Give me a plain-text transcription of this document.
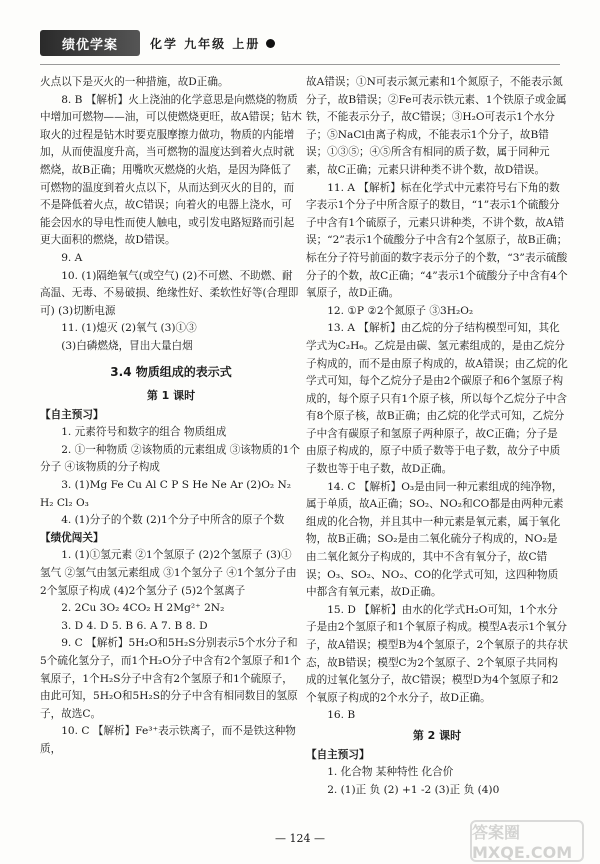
绩优学案	化学 九年级 上册

火点以下是灭火的一种措施，故D正确。

8. B 【解析】火上浇油的化学意思是向燃烧的物质中增加可燃物——油，可以使燃烧更旺，故A错误；钻木取火的过程是钻木时要克服摩擦力做功，物质的内能增加，从而使温度升高，当可燃物的温度达到着火点时就燃烧，故B正确；用嘴吹灭燃烧的火焰，是因为降低了可燃物的温度到着火点以下，从而达到灭火的目的，而不是降低着火点，故C错误；向着火的电器上浇水，可能会因水的导电性而使人触电，或引发电路短路而引起更大面积的燃烧，故D错误。

9. A

10. (1)隔绝氧气(或空气) (2)不可燃、不助燃、耐高温、无毒、不易破损、绝缘性好、柔软性好等(合理即可) (3)切断电源

11. (1)熄灭 (2)氧气 (3)①③

(3)白磷燃烧，冒出大量白烟

3.4 物质组成的表示式
第 1 课时

【自主预习】

1. 元素符号和数字的组合 物质组成

2. ①一种物质 ②该物质的元素组成 ③该物质的1个分子 ④该物质的分子构成

3. (1)Mg Fe Cu Al C P S He Ne Ar (2)O₂ N₂ H₂ Cl₂ O₃

4. (1)分子的个数 (2)1个分子中所含的原子个数

【绩优闯关】

1. (1)①氢元素 ②1个氢原子 (2)2个氢原子 (3)①氢气 ②氢气由氢元素组成 ③1个氢分子 ④1个氢分子由2个氢原子构成 (4)2个氢分子 (5)2个氢离子

2. 2Cu 3O₂ 4CO₂ H 2Mg²⁺ 2N₂

3. D 4. D 5. B 6. A 7. B 8. D

9. C 【解析】5H₂O和5H₂S分别表示5个水分子和5个硫化氢分子，而1个H₂O分子中含有2个氢原子和1个氧原子，1个H₂S分子中含有2个氢原子和1个硫原子，由此可知，5H₂O和5H₂S的分子中含有相同数目的氢原子，故选C。

10. C 【解析】Fe³⁺表示铁离子，而不是铁这种物质，

故A错误；①N可表示氮元素和1个氮原子，不能表示氮分子，故B错误；②Fe可表示铁元素、1个铁原子或金属铁，不能表示分子，故C错误；③H₂O可表示1个水分子；⑤NaCl由离子构成，不能表示1个分子，故B错误；①③⑤；④⑤所含有相同的质子数，属于同种元素，故C正确；元素只讲种类不讲个数，故D错误。

11. A 【解析】标在化学式中元素符号右下角的数字表示1个分子中所含原子的数目，“1”表示1个硫酸分子中含有1个硫原子，元素只讲种类，不讲个数，故A错误；“2”表示1个硫酸分子中含有2个氢原子，故B正确；标在分子符号前面的数字表示分子的个数，“3”表示硫酸分子的个数，故C正确；“4”表示1个硫酸分子中含有4个氧原子，故D正确。

12. ①P ②2个氮原子 ③3H₂O₂

13. A 【解析】由乙烷的分子结构模型可知，其化学式为C₂H₆。乙烷是由碳、氢元素组成的，是由乙烷分子构成的，而不是由原子构成的，故A错误；由乙烷的化学式可知，每个乙烷分子是由2个碳原子和6个氢原子构成的，每个原子只有1个原子核，所以每个乙烷分子中含有8个原子核，故B正确；由乙烷的化学式可知，乙烷分子中含有碳原子和氢原子两种原子，故C正确；分子是由原子构成的，原子中质子数等于电子数，故分子中质子数也等于电子数，故D正确。

14. C 【解析】O₃是由同一种元素组成的纯净物，属于单质，故A正确；SO₂、NO₂和CO都是由两种元素组成的化合物，并且其中一种元素是氧元素，属于氧化物，故B正确；SO₂是由二氧化硫分子构成的，NO₂是由二氧化氮分子构成的，其中不含有氧分子，故C错误；O₃、SO₂、NO₂、CO的化学式可知，这四种物质中都含有氧元素，故D正确。

15. D 【解析】由水的化学式H₂O可知，1个水分子是由2个氢原子和1个氧原子构成。模型A表示1个氧分子，故A错误；模型B为4个氢原子，2个氧原子的共存状态，故B错误；模型C为2个氢原子、2个氧原子共同构成的过氧化氢分子，故C错误；模型D为4个氢原子和2个氧原子构成的2个水分子，故D正确。

16. B

第 2 课时

【自主预习】

1. 化合物 某种特性 化合价

2. (1)正 负 (2) +1 -2 (3)正 负 (4)0

— 124 —	答案圈 MXQE.COM
